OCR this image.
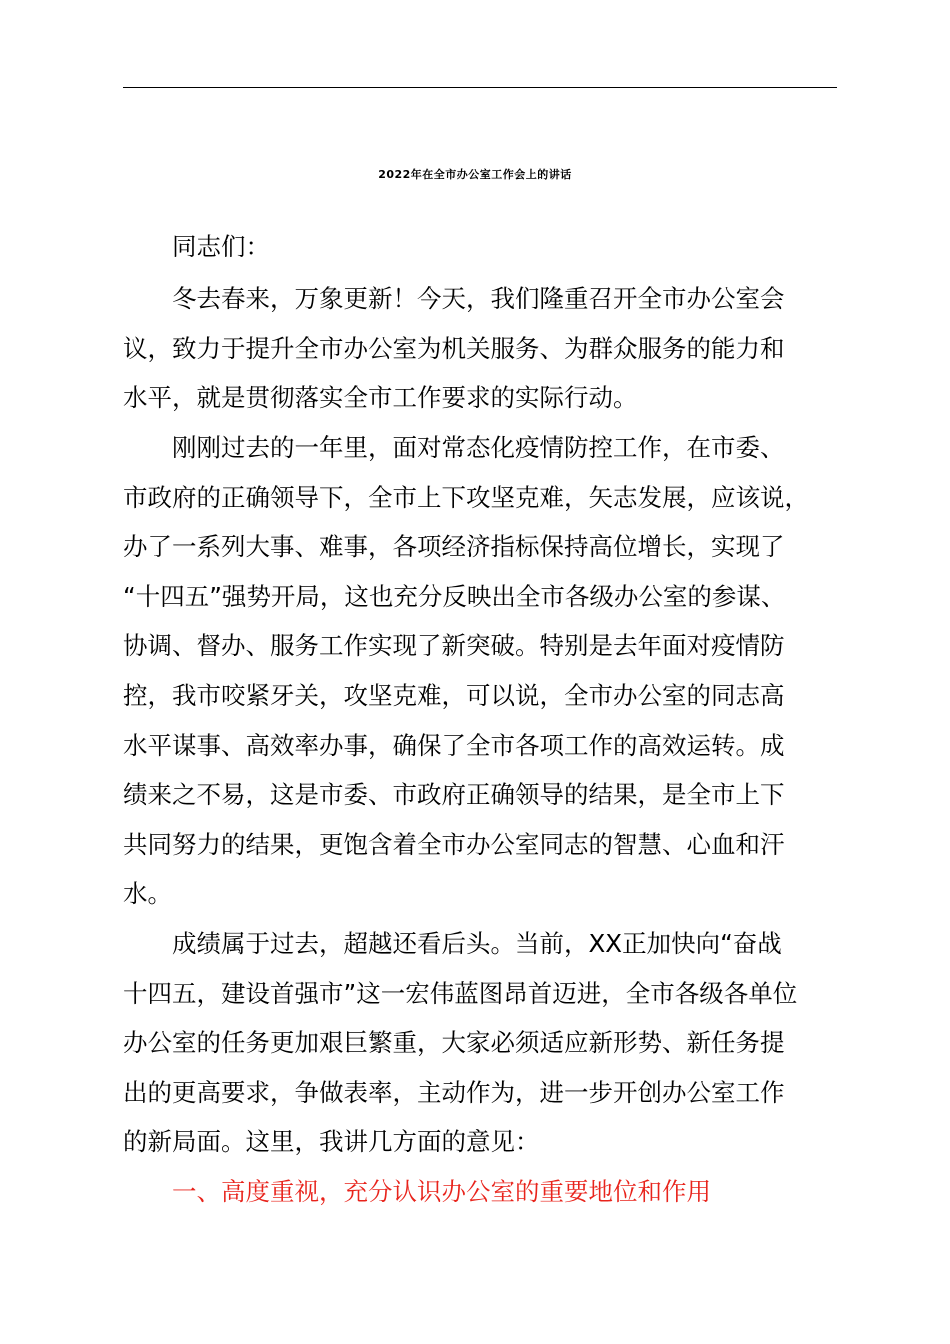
2022年在全市办公室工作会上的讲话
同志们：
冬去春来，万象更新！今天，我们隆重召开全市办公室会
议，致力于提升全市办公室为机关服务、为群众服务的能力和
水平，就是贯彻落实全市工作要求的实际行动。
刚刚过去的一年里，面对常态化疫情防控工作，在市委、
市政府的正确领导下，全市上下攻坚克难，矢志发展，应该说，
办了一系列大事、难事，各项经济指标保持高位增长，实现了
“十四五”强势开局，这也充分反映出全市各级办公室的参谋、
协调、督办、服务工作实现了新突破。特别是去年面对疫情防
控，我市咬紧牙关，攻坚克难，可以说，全市办公室的同志高
水平谋事、高效率办事，确保了全市各项工作的高效运转。成
绩来之不易，这是市委、市政府正确领导的结果，是全市上下
共同努力的结果，更饱含着全市办公室同志的智慧、心血和汗
水。
成绩属于过去，超越还看后头。当前，XX正加快向“奋战
十四五，建设首强市”这一宏伟蓝图昂首迈进，全市各级各单位
办公室的任务更加艰巨繁重，大家必须适应新形势、新任务提
出的更高要求，争做表率，主动作为，进一步开创办公室工作
的新局面。这里，我讲几方面的意见：
一、高度重视，充分认识办公室的重要地位和作用
